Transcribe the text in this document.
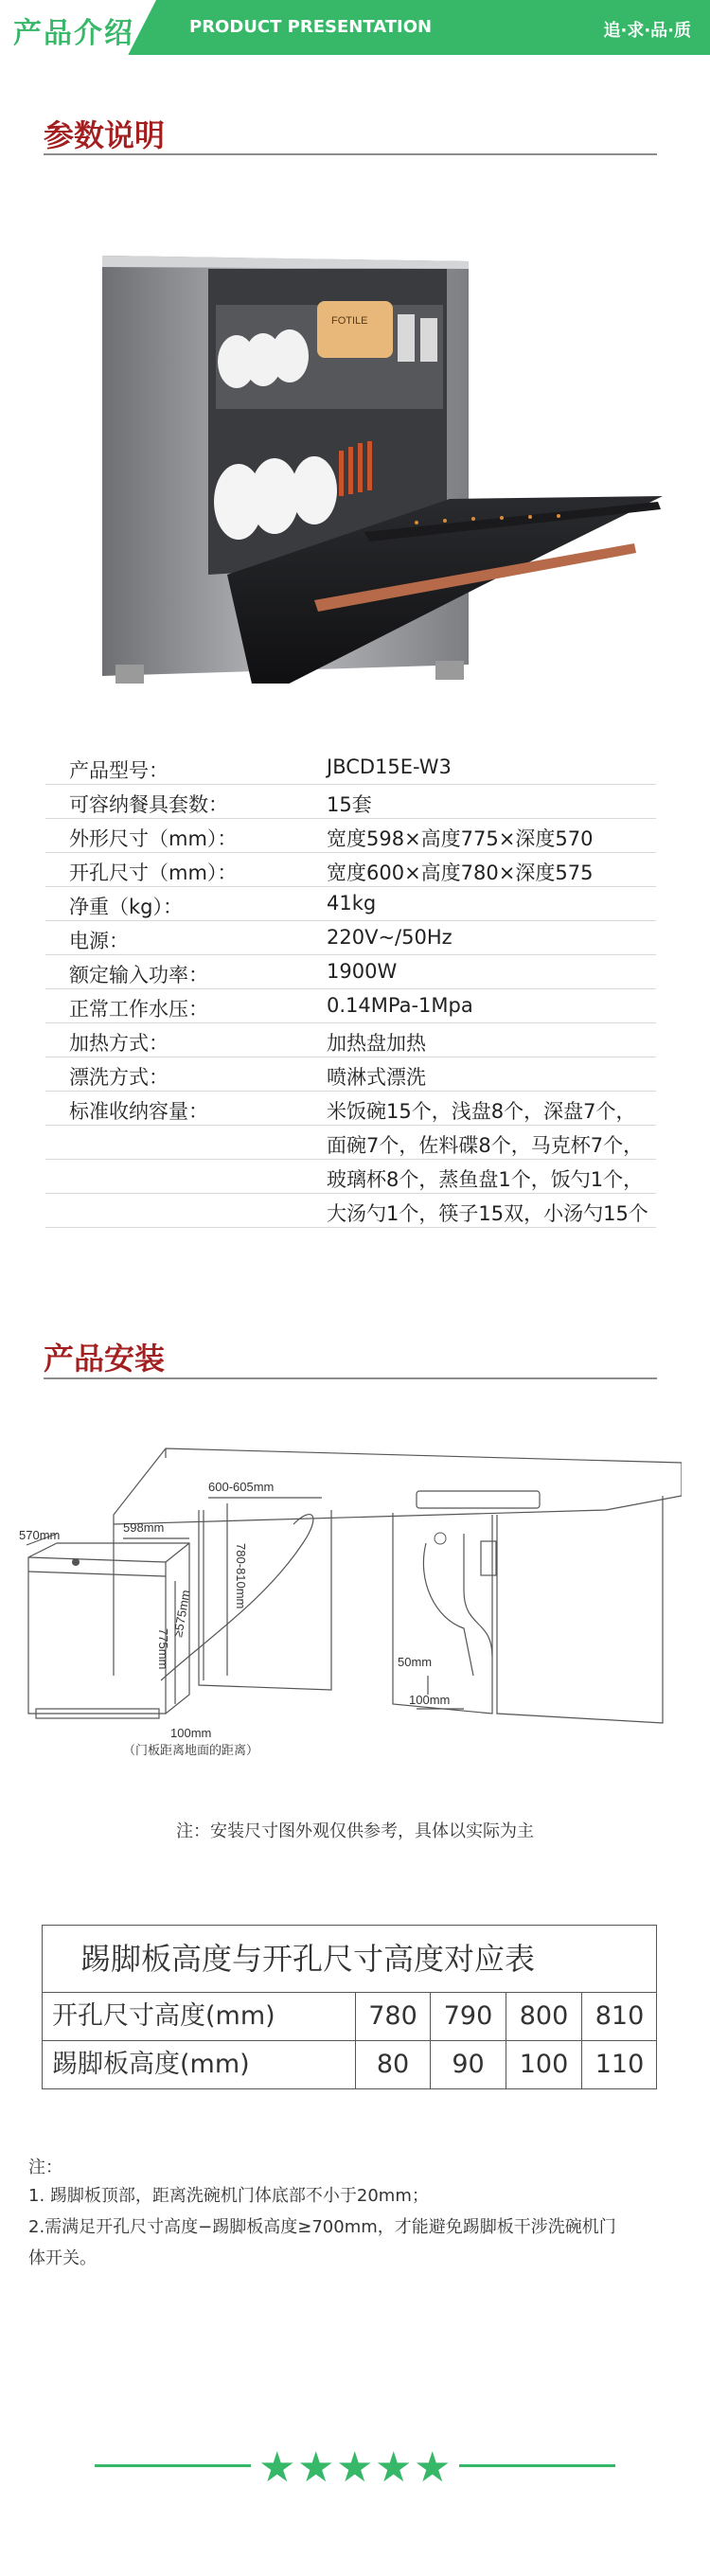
产品介绍	PRODUCT PRESENTATION	追·求·品·质
参数说明
FOTILE
产品型号：	JBCD15E-W3
可容纳餐具套数：	15套
外形尺寸（mm）：	宽度598×高度775×深度570
开孔尺寸（mm）：	宽度600×高度780×深度575
净重（kg）：	41kg
电源：	220V~/50Hz
额定输入功率：	1900W
正常工作水压：	0.14MPa-1Mpa
加热方式：	加热盘加热
漂洗方式：	喷淋式漂洗
标准收纳容量：	米饭碗15个，浅盘8个，深盘7个，
面碗7个，佐料碟8个，马克杯7个，
玻璃杯8个，蒸鱼盘1个，饭勺1个，
大汤勺1个，筷子15双，小汤勺15个
产品安装
600-605mm
598mm
570mm
780-810mm
775mm
≥575mm
50mm
100mm
100mm
（门板距离地面的距离）
注：安装尺寸图外观仅供参考，具体以实际为主
踢脚板高度与开孔尺寸高度对应表
开孔尺寸高度(mm)	780	790	800	810
踢脚板高度(mm)	80	90	100	110
注：
1. 踢脚板顶部，距离洗碗机门体底部不小于20mm；
2.需满足开孔尺寸高度−踢脚板高度≥700mm，才能避免踢脚板干涉洗碗机门
体开关。
★ ★ ★ ★ ★
